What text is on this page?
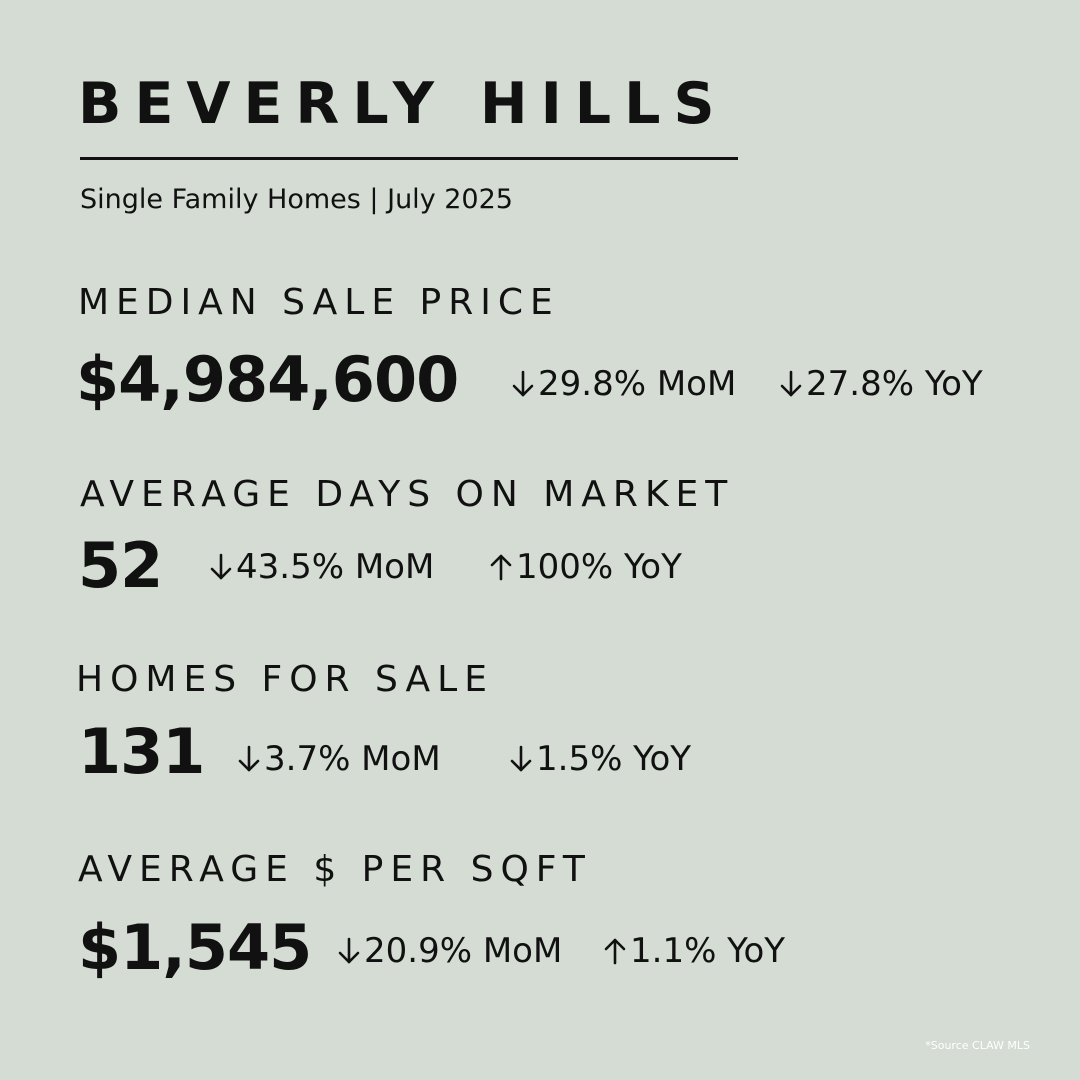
BEVERLY HILLS
Single Family Homes | July 2025
MEDIAN SALE PRICE
$4,984,600 29.8% MoM 27.8% YoY
AVERAGE DAYS ON MARKET
52 43.5% MoM 100% YoY
HOMES FOR SALE
131 3.7% MoM	1.5% YoY
AVERAGE $ PER SQFT
$1,545 20.9% MoM 1.1% YoY
*Source CLAW MLS
